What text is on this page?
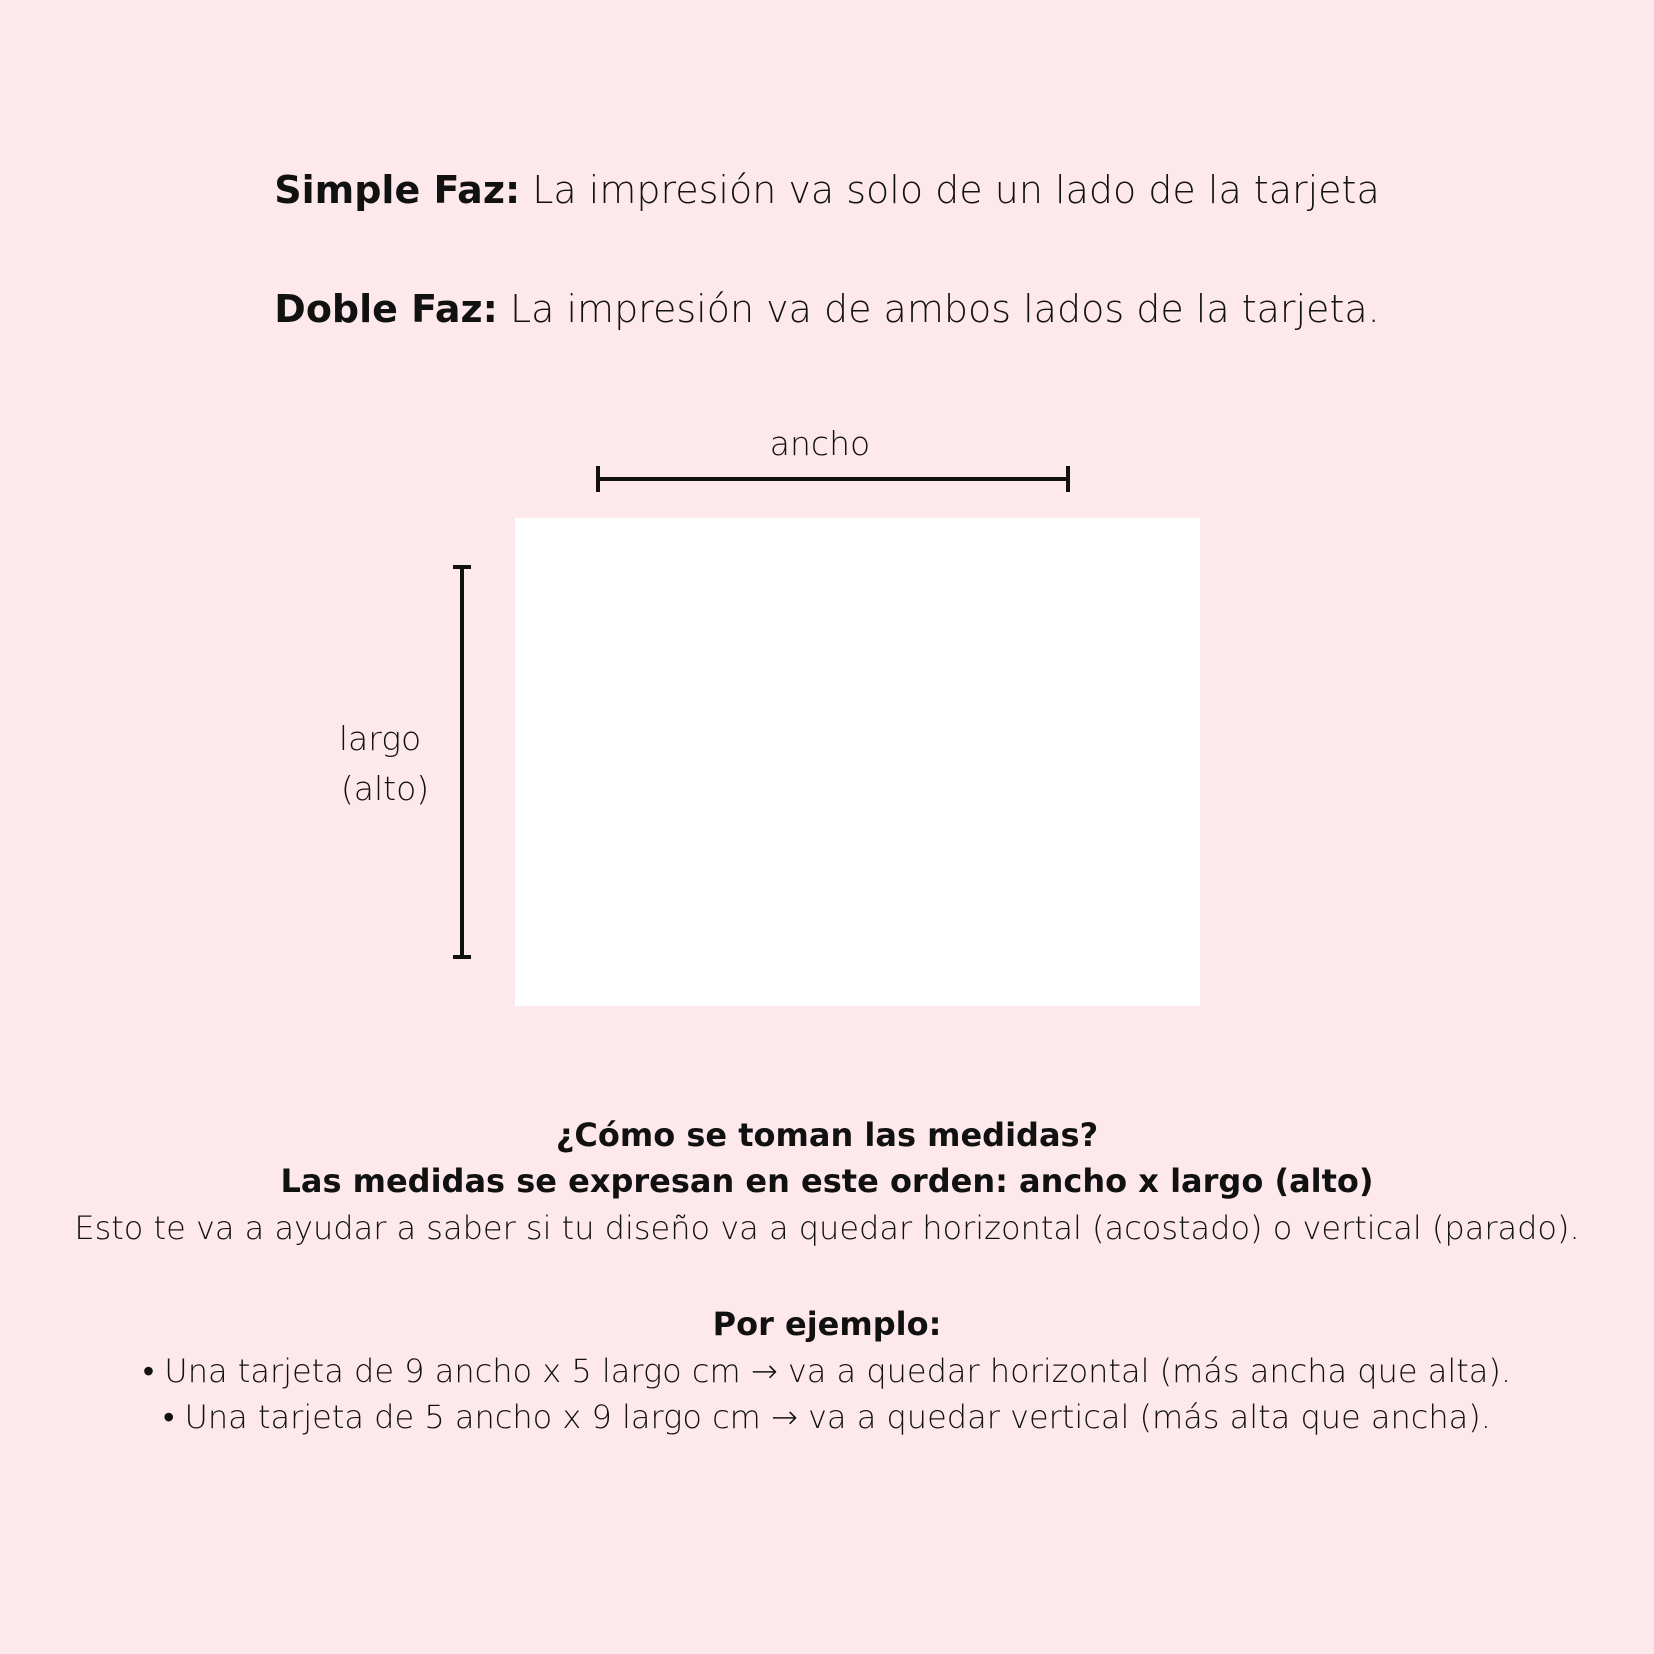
Simple Faz: La impresión va solo de un lado de la tarjeta
Doble Faz: La impresión va de ambos lados de la tarjeta.
ancho
largo
(alto)
¿Cómo se toman las medidas?
Las medidas se expresan en este orden: ancho x largo (alto)
Esto te va a ayudar a saber si tu diseño va a quedar horizontal (acostado) o vertical (parado).
Por ejemplo:
• Una tarjeta de 9 ancho x 5 largo cm → va a quedar horizontal (más ancha que alta).
• Una tarjeta de 5 ancho x 9 largo cm → va a quedar vertical (más alta que ancha).
